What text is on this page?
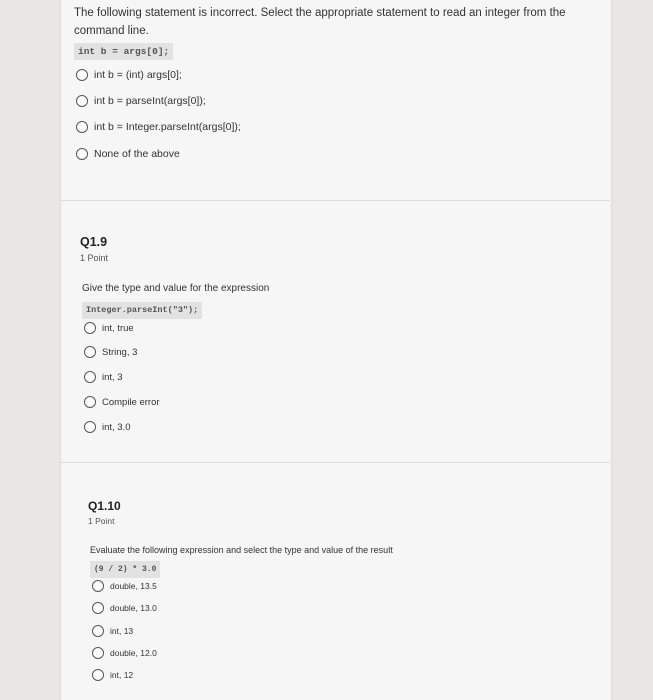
The following statement is incorrect. Select the appropriate statement to read an integer from the command line.
int b = args[0];
int b = (int) args[0];
int b = parseInt(args[0]);
int b = Integer.parseInt(args[0]);
None of the above
Q1.9
1 Point
Give the type and value for the expression
Integer.parseInt("3");
int, true
String, 3
int, 3
Compile error
int, 3.0
Q1.10
1 Point
Evaluate the following expression and select the type and value of the result
(9 / 2) * 3.0
double, 13.5
double, 13.0
int, 13
double, 12.0
int, 12
